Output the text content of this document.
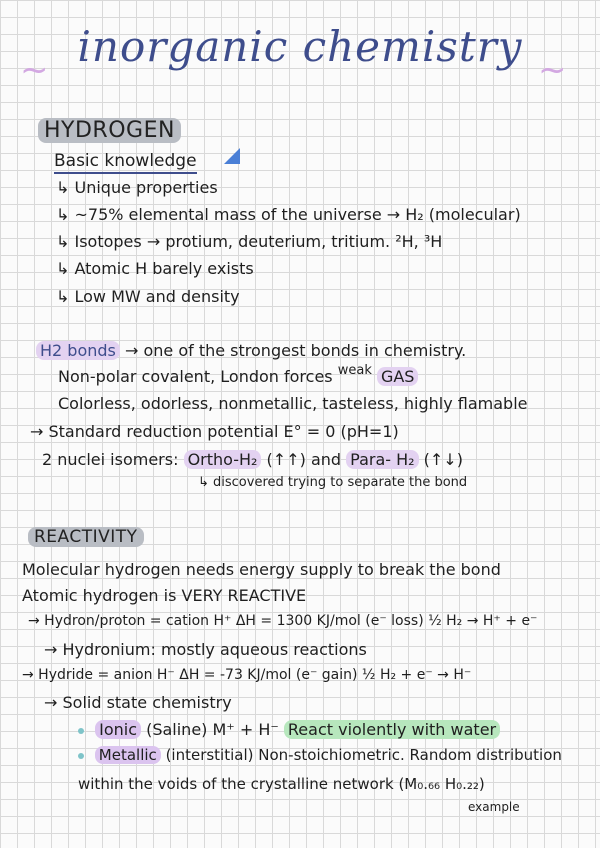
~ inorganic chemistry ~
HYDROGEN
Basic knowledge
↳ Unique properties
↳ ~75% elemental mass of the universe → H₂ (molecular)
↳ Isotopes → protium, deuterium, tritium. ²H, ³H
↳ Atomic H barely exists
↳ Low MW and density
H2 bonds → one of the strongest bonds in chemistry.
Non-polar covalent, London forces $^{weak}$ GAS
Colorless, odorless, nonmetallic, tasteless, highly flamable
→ Standard reduction potential E° = 0 (pH=1)
2 nuclei isomers: Ortho-H₂ (↑↑) and Para- H₂ (↑↓)
↳ discovered trying to separate the bond
REACTIVITY
Molecular hydrogen needs energy supply to break the bond
Atomic hydrogen is VERY REACTIVE
→ Hydron/proton = cation H⁺ ΔH = 1300 KJ/mol (e⁻ loss) ½ H₂ → H⁺ + e⁻
→ Hydronium: mostly aqueous reactions
→ Hydride = anion H⁻ ΔH = -73 KJ/mol (e⁻ gain) ½ H₂ + e⁻ → H⁻
→ Solid state chemistry
Ionic (Saline) M⁺ + H⁻ React violently with water
Metallic (interstitial) Non-stoichiometric. Random distribution
within the voids of the crystalline network (M₀.₆₆ H₀.₂₂)
example
